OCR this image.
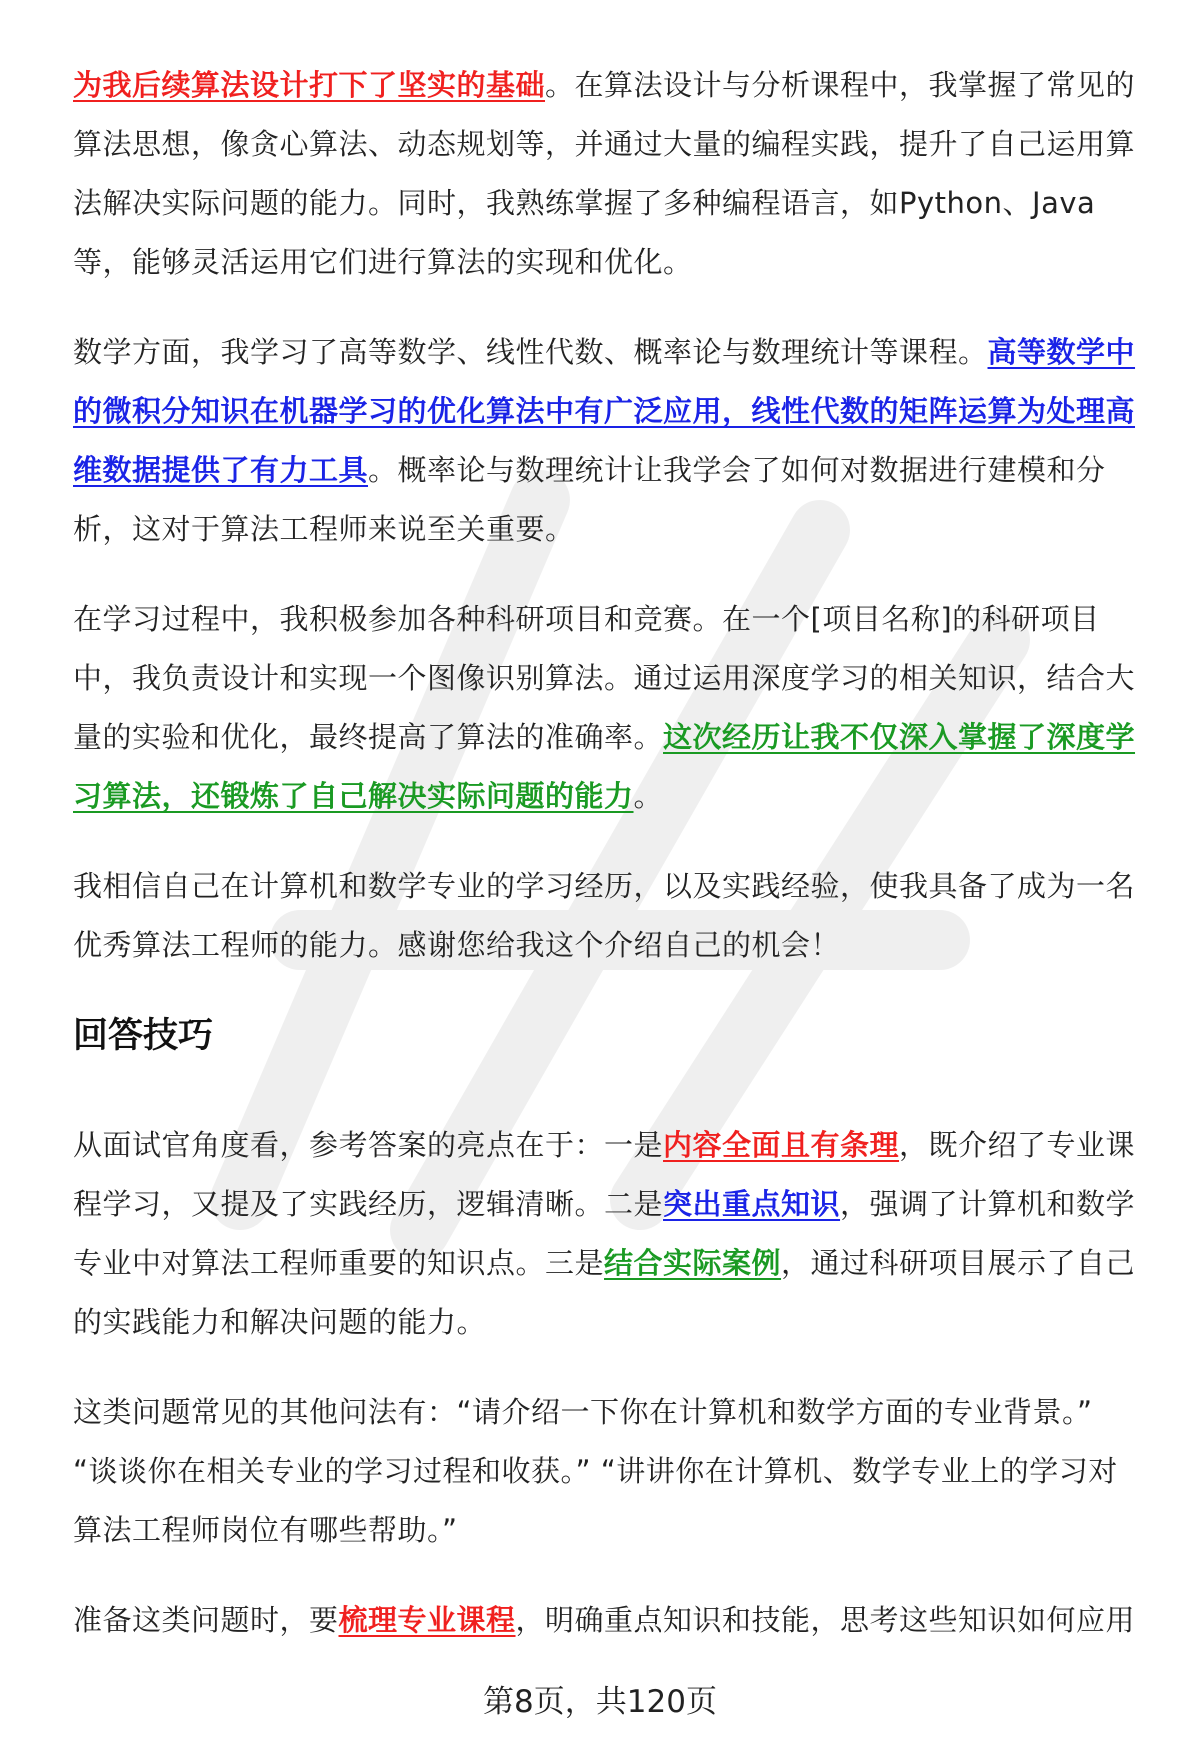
为我后续算法设计打下了坚实的基础。在算法设计与分析课程中，我掌握了常见的算法思想，像贪心算法、动态规划等，并通过大量的编程实践，提升了自己运用算法解决实际问题的能力。同时，我熟练掌握了多种编程语言，如Python、Java等，能够灵活运用它们进行算法的实现和优化。

数学方面，我学习了高等数学、线性代数、概率论与数理统计等课程。高等数学中的微积分知识在机器学习的优化算法中有广泛应用，线性代数的矩阵运算为处理高维数据提供了有力工具。概率论与数理统计让我学会了如何对数据进行建模和分析，这对于算法工程师来说至关重要。

在学习过程中，我积极参加各种科研项目和竞赛。在一个[项目名称]的科研项目中，我负责设计和实现一个图像识别算法。通过运用深度学习的相关知识，结合大量的实验和优化，最终提高了算法的准确率。这次经历让我不仅深入掌握了深度学习算法，还锻炼了自己解决实际问题的能力。

我相信自己在计算机和数学专业的学习经历，以及实践经验，使我具备了成为一名优秀算法工程师的能力。感谢您给我这个介绍自己的机会！

回答技巧

从面试官角度看，参考答案的亮点在于：一是内容全面且有条理，既介绍了专业课程学习，又提及了实践经历，逻辑清晰。二是突出重点知识，强调了计算机和数学专业中对算法工程师重要的知识点。三是结合实际案例，通过科研项目展示了自己的实践能力和解决问题的能力。

这类问题常见的其他问法有：“请介绍一下你在计算机和数学方面的专业背景。” “谈谈你在相关专业的学习过程和收获。” “讲讲你在计算机、数学专业上的学习对算法工程师岗位有哪些帮助。”

准备这类问题时，要梳理专业课程，明确重点知识和技能，思考这些知识如何应用

第8页，共120页
